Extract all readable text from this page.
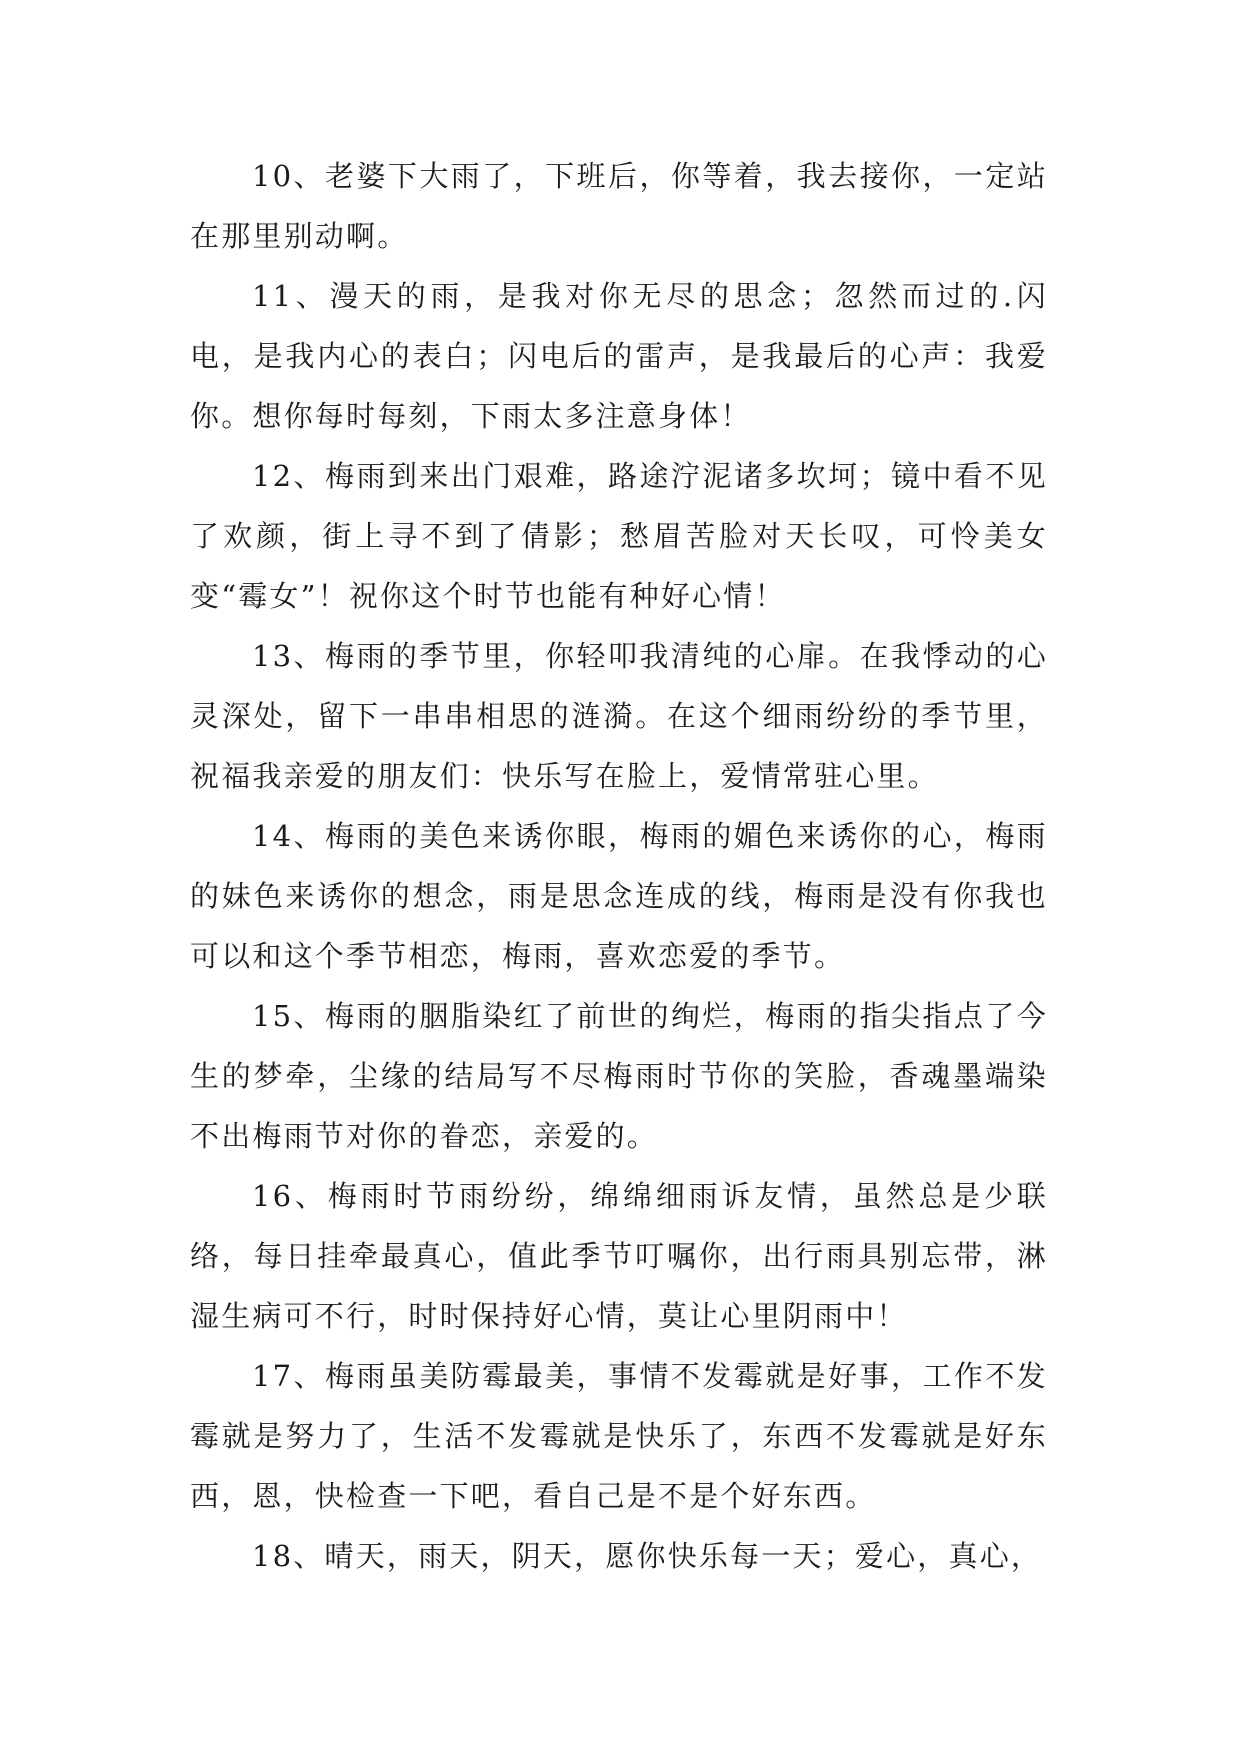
10、老婆下大雨了，下班后，你等着，我去接你，一定站在那里别动啊。

11、漫天的雨，是我对你无尽的思念；忽然而过的.闪电，是我内心的表白；闪电后的雷声，是我最后的心声：我爱你。想你每时每刻，下雨太多注意身体！

12、梅雨到来出门艰难，路途泞泥诸多坎坷；镜中看不见了欢颜，街上寻不到了倩影；愁眉苦脸对天长叹，可怜美女变“霉女”！祝你这个时节也能有种好心情！

13、梅雨的季节里，你轻叩我清纯的心扉。在我悸动的心灵深处，留下一串串相思的涟漪。在这个细雨纷纷的季节里，祝福我亲爱的朋友们：快乐写在脸上，爱情常驻心里。

14、梅雨的美色来诱你眼，梅雨的媚色来诱你的心，梅雨的妹色来诱你的想念，雨是思念连成的线，梅雨是没有你我也可以和这个季节相恋，梅雨，喜欢恋爱的季节。

15、梅雨的胭脂染红了前世的绚烂，梅雨的指尖指点了今生的梦牵，尘缘的结局写不尽梅雨时节你的笑脸，香魂墨端染不出梅雨节对你的眷恋，亲爱的。

16、梅雨时节雨纷纷，绵绵细雨诉友情，虽然总是少联络，每日挂牵最真心，值此季节叮嘱你，出行雨具别忘带，淋湿生病可不行，时时保持好心情，莫让心里阴雨中！

17、梅雨虽美防霉最美，事情不发霉就是好事，工作不发霉就是努力了，生活不发霉就是快乐了，东西不发霉就是好东西，恩，快检查一下吧，看自己是不是个好东西。

18、晴天，雨天，阴天，愿你快乐每一天；爱心，真心，
